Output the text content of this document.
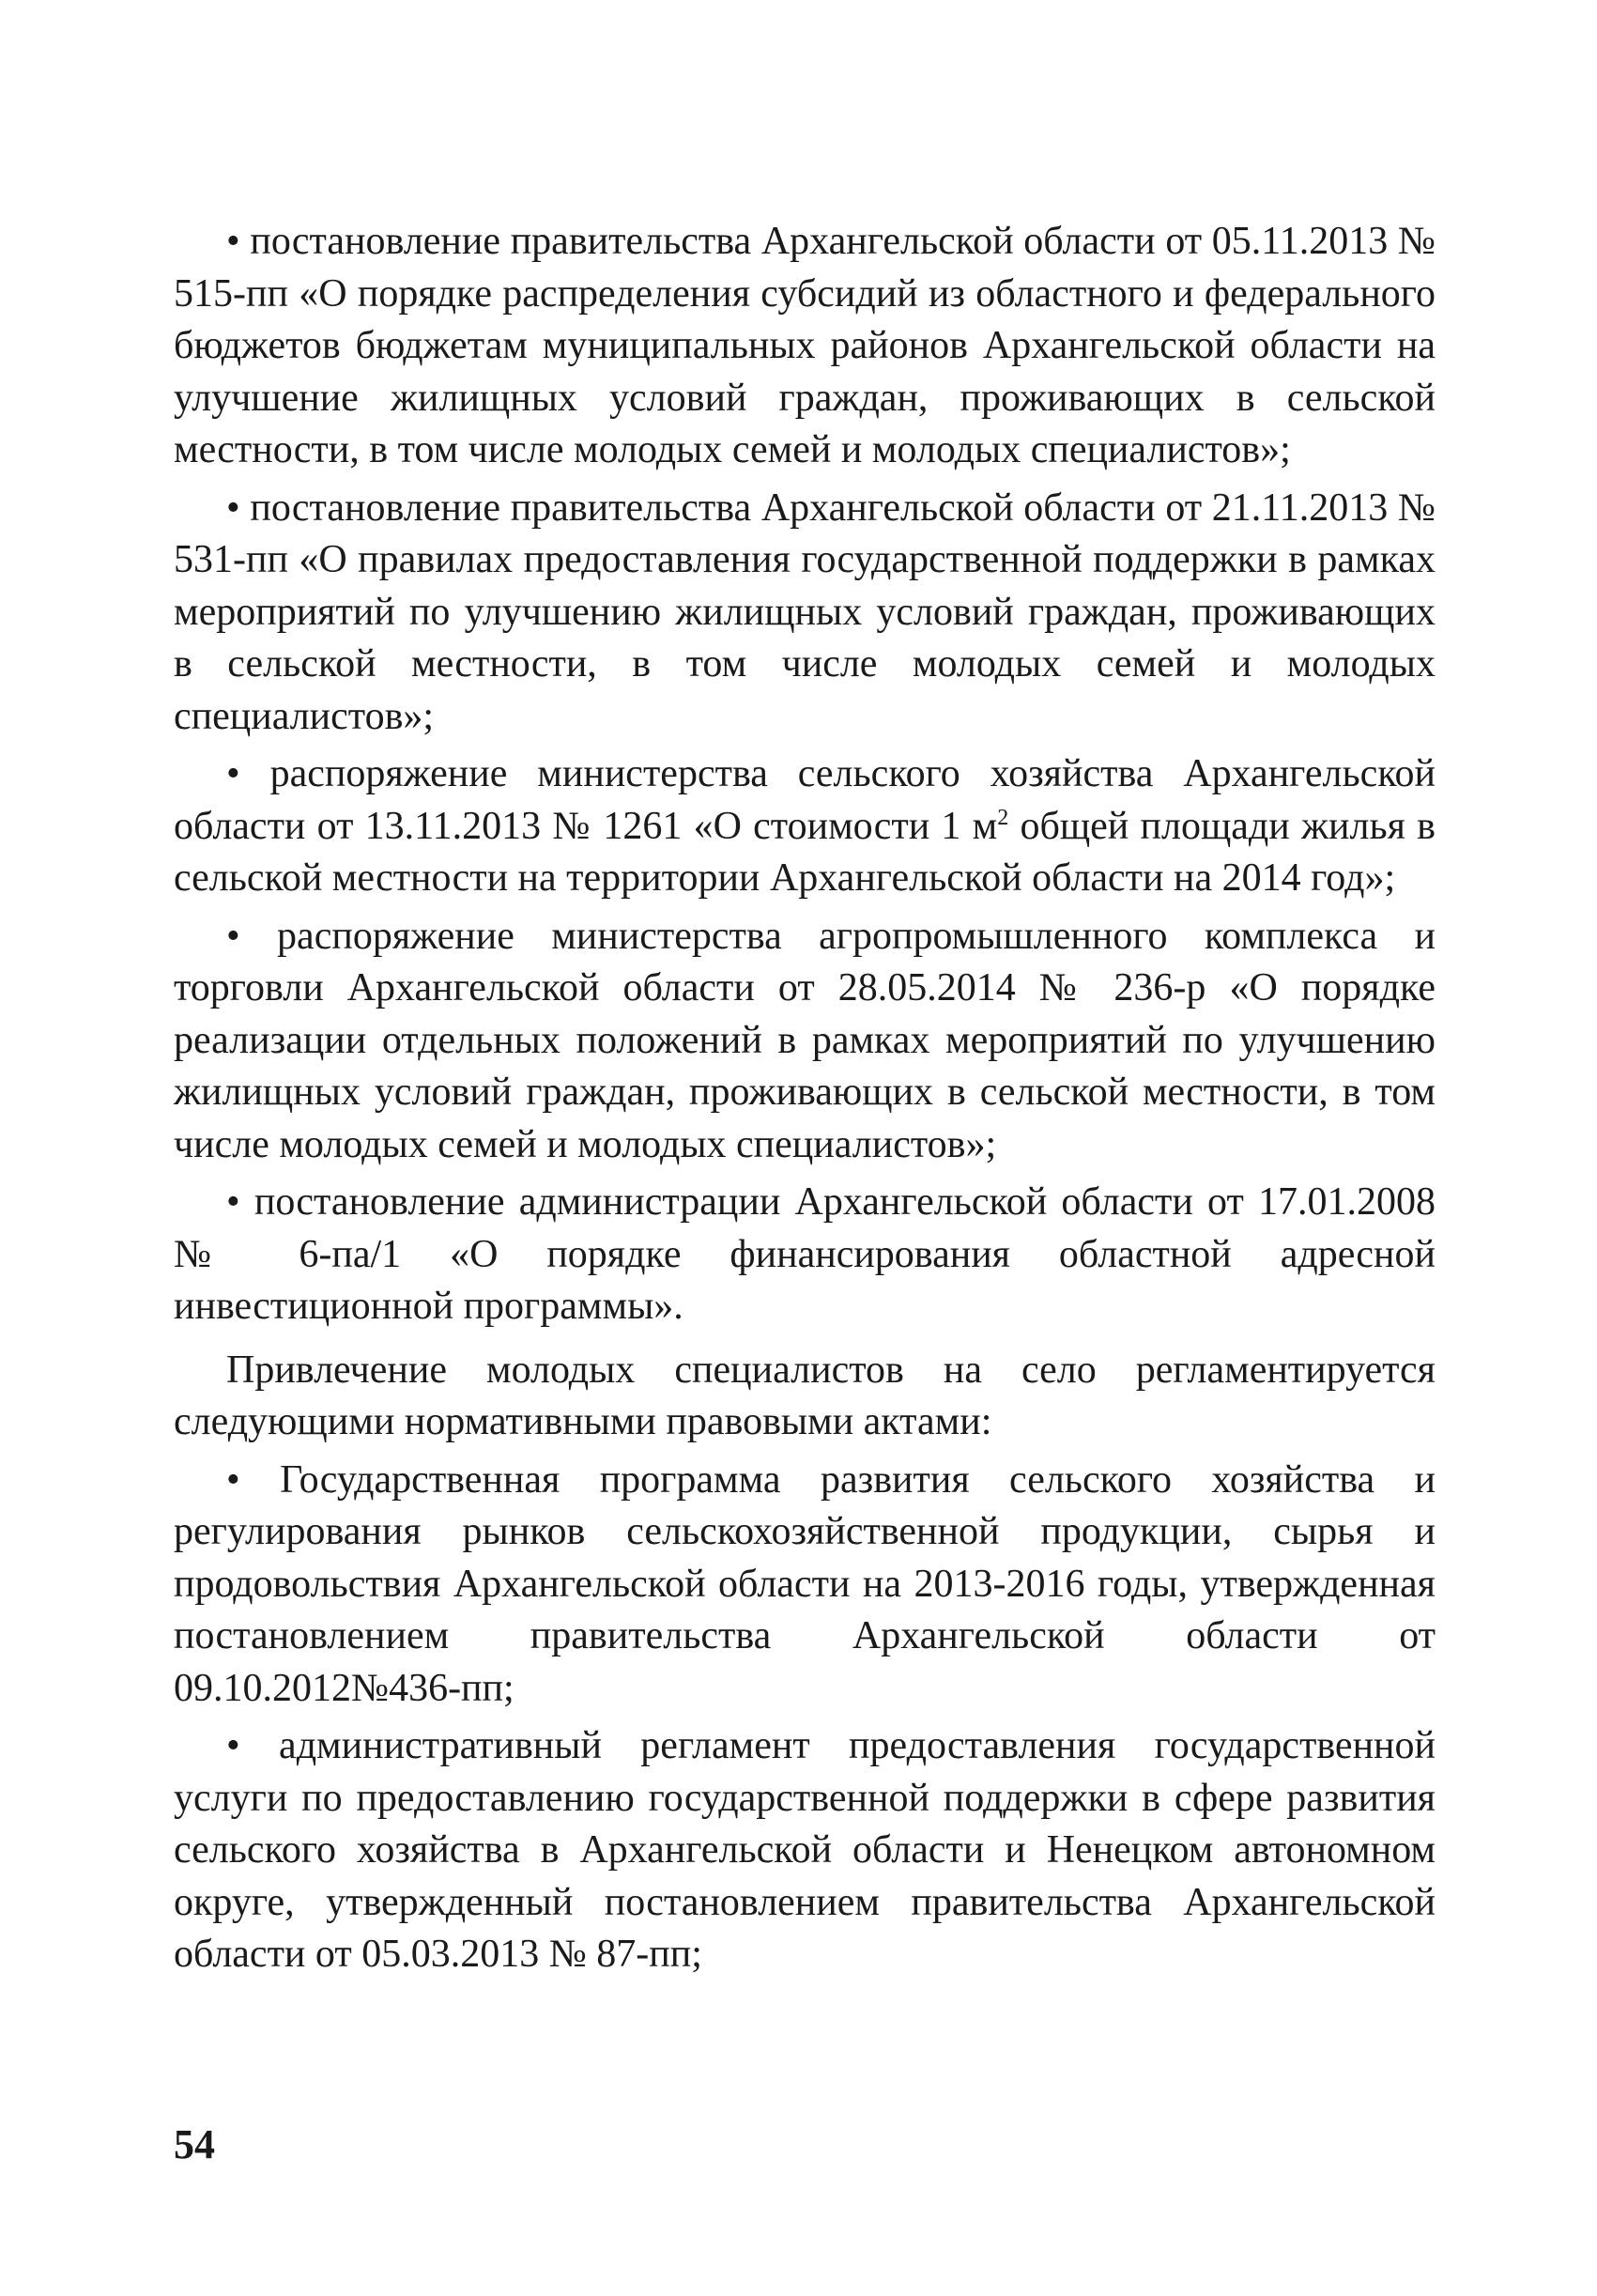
• постановление правительства Архангельской области от 05.11.2013 № 515-пп «О порядке распределения субсидий из областного и федерального бюджетов бюджетам муниципальных районов Архангельской области на улучшение жилищных условий граждан, проживающих в сельской местности, в том числе молодых семей и молодых специалистов»;

• постановление правительства Архангельской области от 21.11.2013 № 531-пп «О правилах предоставления государственной поддержки в рамках мероприятий по улучшению жилищных условий граждан, проживающих в сельской местности, в том числе молодых семей и молодых специалистов»;

• распоряжение министерства сельского хозяйства Архангельской области от 13.11.2013 № 1261 «О стоимости 1 $м^2$ общей площади жилья в сельской местности на территории Архангельской области на 2014 год»;

• распоряжение министерства агропромышленного комплекса и торговли Архангельской области от 28.05.2014 № 236-р «О порядке реализации отдельных положений в рамках мероприятий по улучшению жилищных условий граждан, проживающих в сельской местности, в том числе молодых семей и молодых специалистов»;

• постановление администрации Архангельской области от 17.01.2008 № 6-па/1 «О порядке финансирования областной адресной инвестиционной программы».

Привлечение молодых специалистов на село регламентируется следующими нормативными правовыми актами:

• Государственная программа развития сельского хозяйства и регулирования рынков сельскохозяйственной продукции, сырья и продовольствия Архангельской области на 2013-2016 годы, утвержденная постановлением правительства Архангельской области от 09.10.2012№436-пп;

• административный регламент предоставления государственной услуги по предоставлению государственной поддержки в сфере развития сельского хозяйства в Архангельской области и Ненецком автономном округе, утвержденный постановлением правительства Архангельской области от 05.03.2013 № 87-пп;

54
